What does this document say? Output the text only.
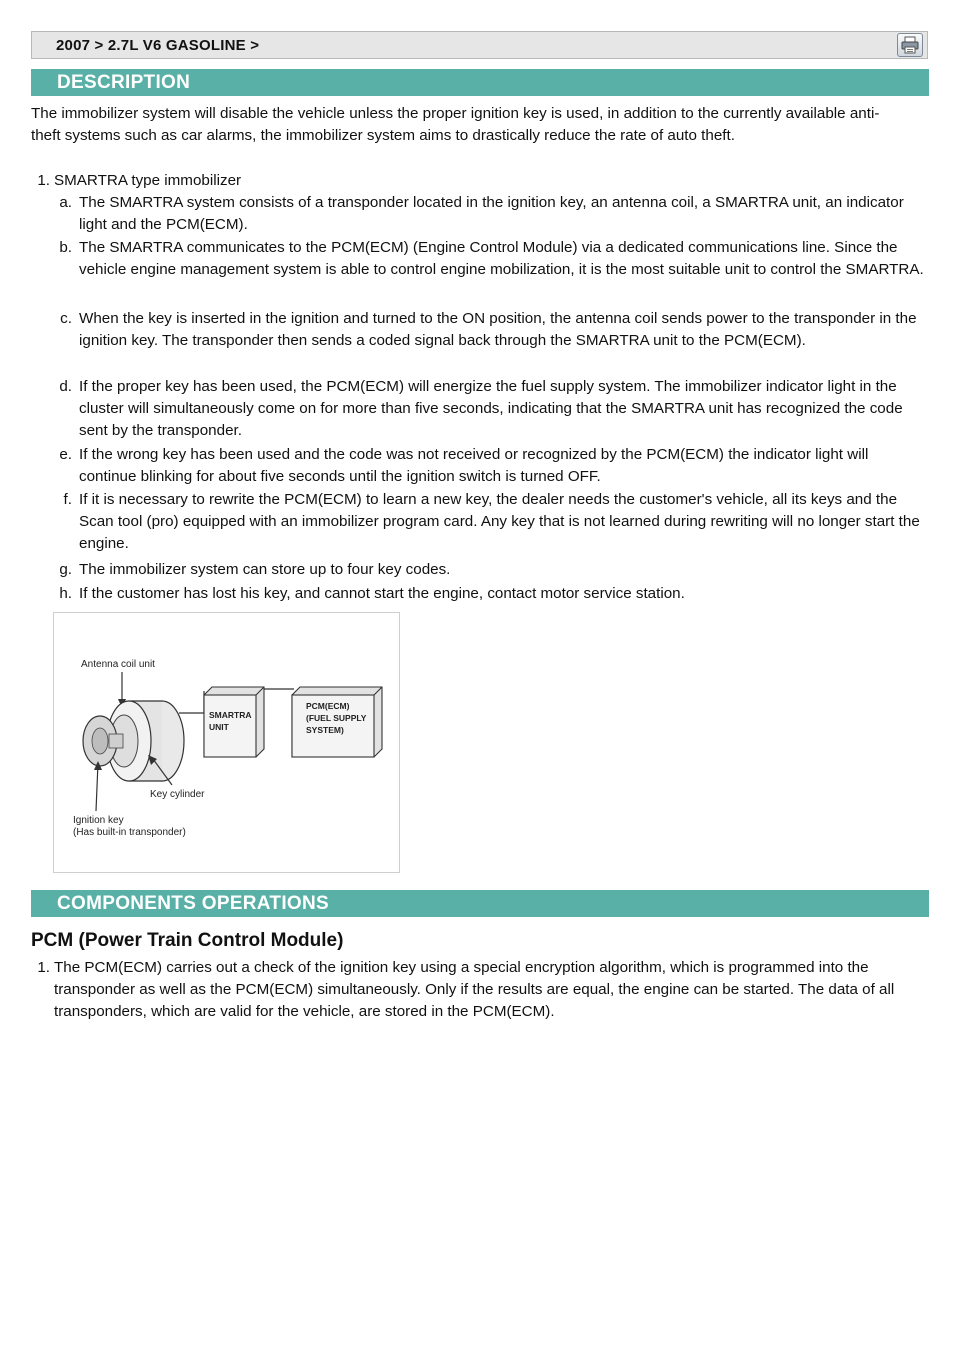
2007 > 2.7L V6 GASOLINE >
DESCRIPTION
The immobilizer system will disable the vehicle unless the proper ignition key is used, in addition to the currently available anti-theft systems such as car alarms, the immobilizer system aims to drastically reduce the rate of auto theft.
1. SMARTRA type immobilizer
a. The SMARTRA system consists of a transponder located in the ignition key, an antenna coil, a SMARTRA unit, an indicator light and the PCM(ECM).
b. The SMARTRA communicates to the PCM(ECM) (Engine Control Module) via a dedicated communications line. Since the vehicle engine management system is able to control engine mobilization, it is the most suitable unit to control the SMARTRA.
c. When the key is inserted in the ignition and turned to the ON position, the antenna coil sends power to the transponder in the ignition key. The transponder then sends a coded signal back through the SMARTRA unit to the PCM(ECM).
d. If the proper key has been used, the PCM(ECM) will energize the fuel supply system. The immobilizer indicator light in the cluster will simultaneously come on for more than five seconds, indicating that the SMARTRA unit has recognized the code sent by the transponder.
e. If the wrong key has been used and the code was not received or recognized by the PCM(ECM) the indicator light will continue blinking for about five seconds until the ignition switch is turned OFF.
f. If it is necessary to rewrite the PCM(ECM) to learn a new key, the dealer needs the customer's vehicle, all its keys and the Scan tool (pro) equipped with an immobilizer program card. Any key that is not learned during rewriting will no longer start the engine.
g. The immobilizer system can store up to four key codes.
h. If the customer has lost his key, and cannot start the engine, contact motor service station.
Antenna coil unit
SMARTRA
UNIT
PCM(ECM)
(FUEL SUPPLY
SYSTEM)
Key cylinder
Ignition key
(Has built-in transponder)
COMPONENTS OPERATIONS
PCM (Power Train Control Module)
1. The PCM(ECM) carries out a check of the ignition key using a special encryption algorithm, which is programmed into the transponder as well as the PCM(ECM) simultaneously. Only if the results are equal, the engine can be started. The data of all transponders, which are valid for the vehicle, are stored in the PCM(ECM).
